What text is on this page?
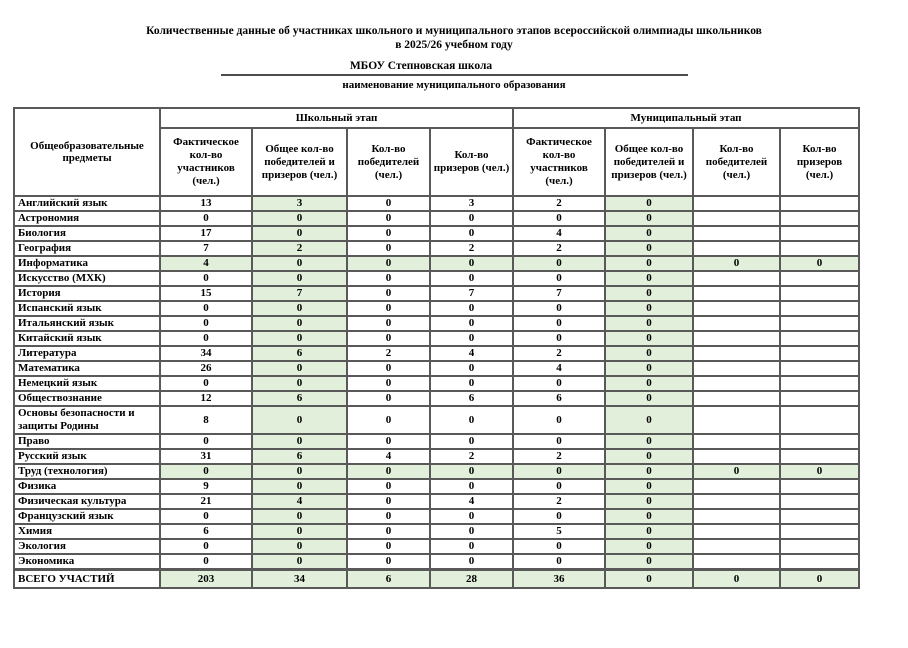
Количественные данные об участниках школьного и муниципального этапов всероссийской олимпиады школьников
в 2025/26 учебном году
МБОУ Степновская школа
наименование муниципального образования
Общеобразовательные предметы	Школьный этап				Муниципальный этап			
	Фактическое кол-во участников (чел.)	Общее кол-во победителей и призеров (чел.)	Кол-во победителей (чел.)	Кол-во призеров (чел.)	Фактическое кол-во участников (чел.)	Общее кол-во победителей и призеров (чел.)	Кол-во победителей (чел.)	Кол-во призеров (чел.)
Английский язык	13	3	0	3	2	0		
Астрономия	0	0	0	0	0	0		
Биология	17	0	0	0	4	0		
География	7	2	0	2	2	0		
Информатика	4	0	0	0	0	0	0	0
Искусство (МХК)	0	0	0	0	0	0		
История	15	7	0	7	7	0		
Испанский язык	0	0	0	0	0	0		
Итальянский язык	0	0	0	0	0	0		
Китайский язык	0	0	0	0	0	0		
Литература	34	6	2	4	2	0		
Математика	26	0	0	0	4	0		
Немецкий язык	0	0	0	0	0	0		
Обществознание	12	6	0	6	6	0		
Основы безопасности и защиты Родины	8	0	0	0	0	0		
Право	0	0	0	0	0	0		
Русский язык	31	6	4	2	2	0		
Труд (технология)	0	0	0	0	0	0	0	0
Физика	9	0	0	0	0	0		
Физическая культура	21	4	0	4	2	0		
Французский язык	0	0	0	0	0	0		
Химия	6	0	0	0	5	0		
Экология	0	0	0	0	0	0		
Экономика	0	0	0	0	0	0		
ВСЕГО УЧАСТИЙ	203	34	6	28	36	0	0	0
